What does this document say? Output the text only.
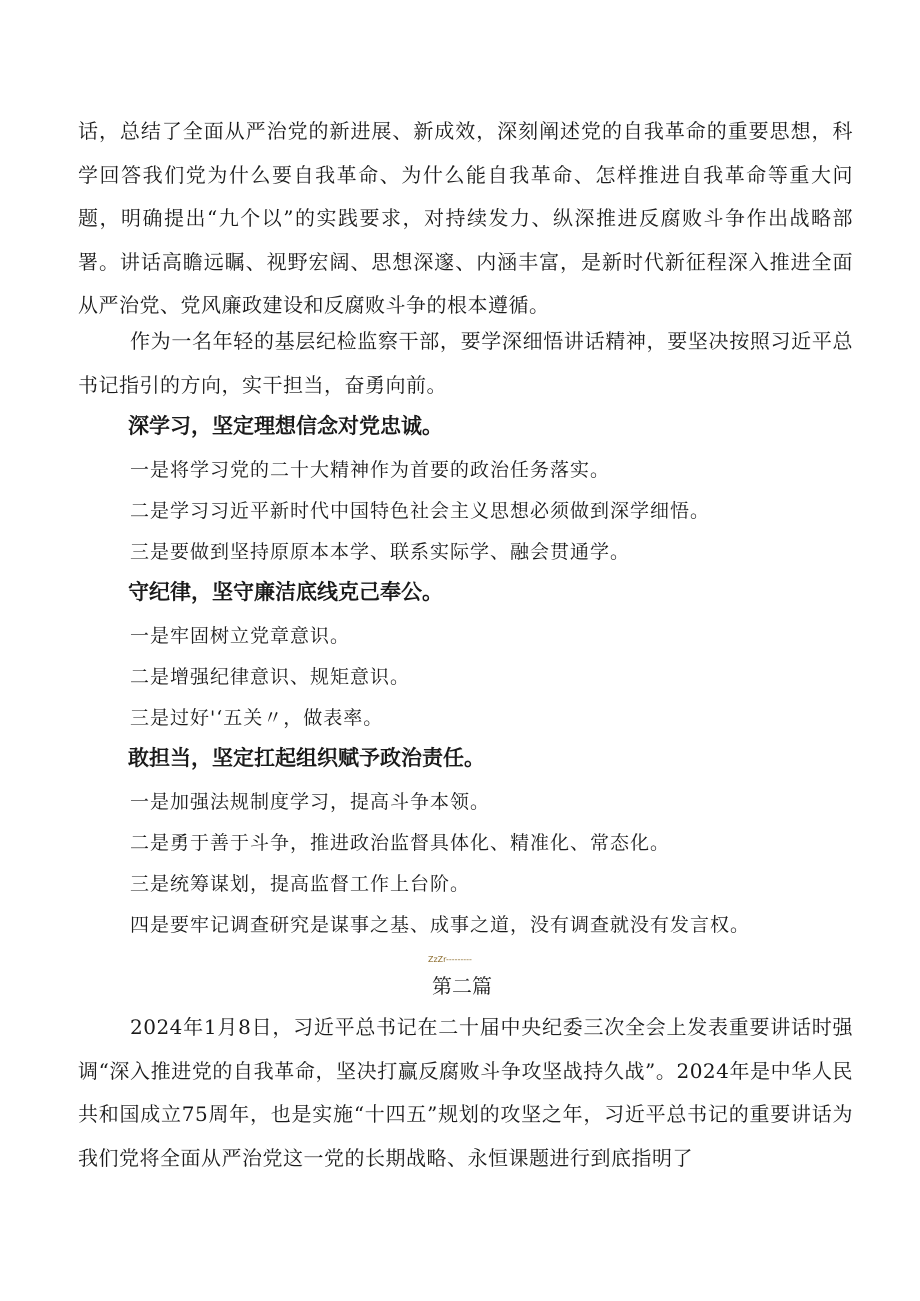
话，总结了全面从严治党的新进展、新成效，深刻阐述党的自我革命的重要思想，科学回答我们党为什么要自我革命、为什么能自我革命、怎样推进自我革命等重大问题，明确提出“九个以”的实践要求，对持续发力、纵深推进反腐败斗争作出战略部署。讲话高瞻远瞩、视野宏阔、思想深邃、内涵丰富，是新时代新征程深入推进全面从严治党、党风廉政建设和反腐败斗争的根本遵循。

作为一名年轻的基层纪检监察干部，要学深细悟讲话精神，要坚决按照习近平总书记指引的方向，实干担当，奋勇向前。

深学习，坚定理想信念对党忠诚。

一是将学习党的二十大精神作为首要的政治任务落实。

二是学习习近平新时代中国特色社会主义思想必须做到深学细悟。

三是要做到坚持原原本本学、联系实际学、融会贯通学。

守纪律，坚守廉洁底线克己奉公。

一是牢固树立党章意识。

二是增强纪律意识、规矩意识。

三是过好'‘五关〃，做表率。

敢担当，坚定扛起组织赋予政治责任。

一是加强法规制度学习，提高斗争本领。

二是勇于善于斗争，推进政治监督具体化、精准化、常态化。

三是统筹谋划，提高监督工作上台阶。

四是要牢记调查研究是谋事之基、成事之道，没有调查就没有发言权。

ZzZr---------
第二篇

2024年1月8日，习近平总书记在二十届中央纪委三次全会上发表重要讲话时强调“深入推进党的自我革命，坚决打赢反腐败斗争攻坚战持久战”。2024年是中华人民共和国成立75周年，也是实施“十四五”规划的攻坚之年，习近平总书记的重要讲话为我们党将全面从严治党这一党的长期战略、永恒课题进行到底指明了
